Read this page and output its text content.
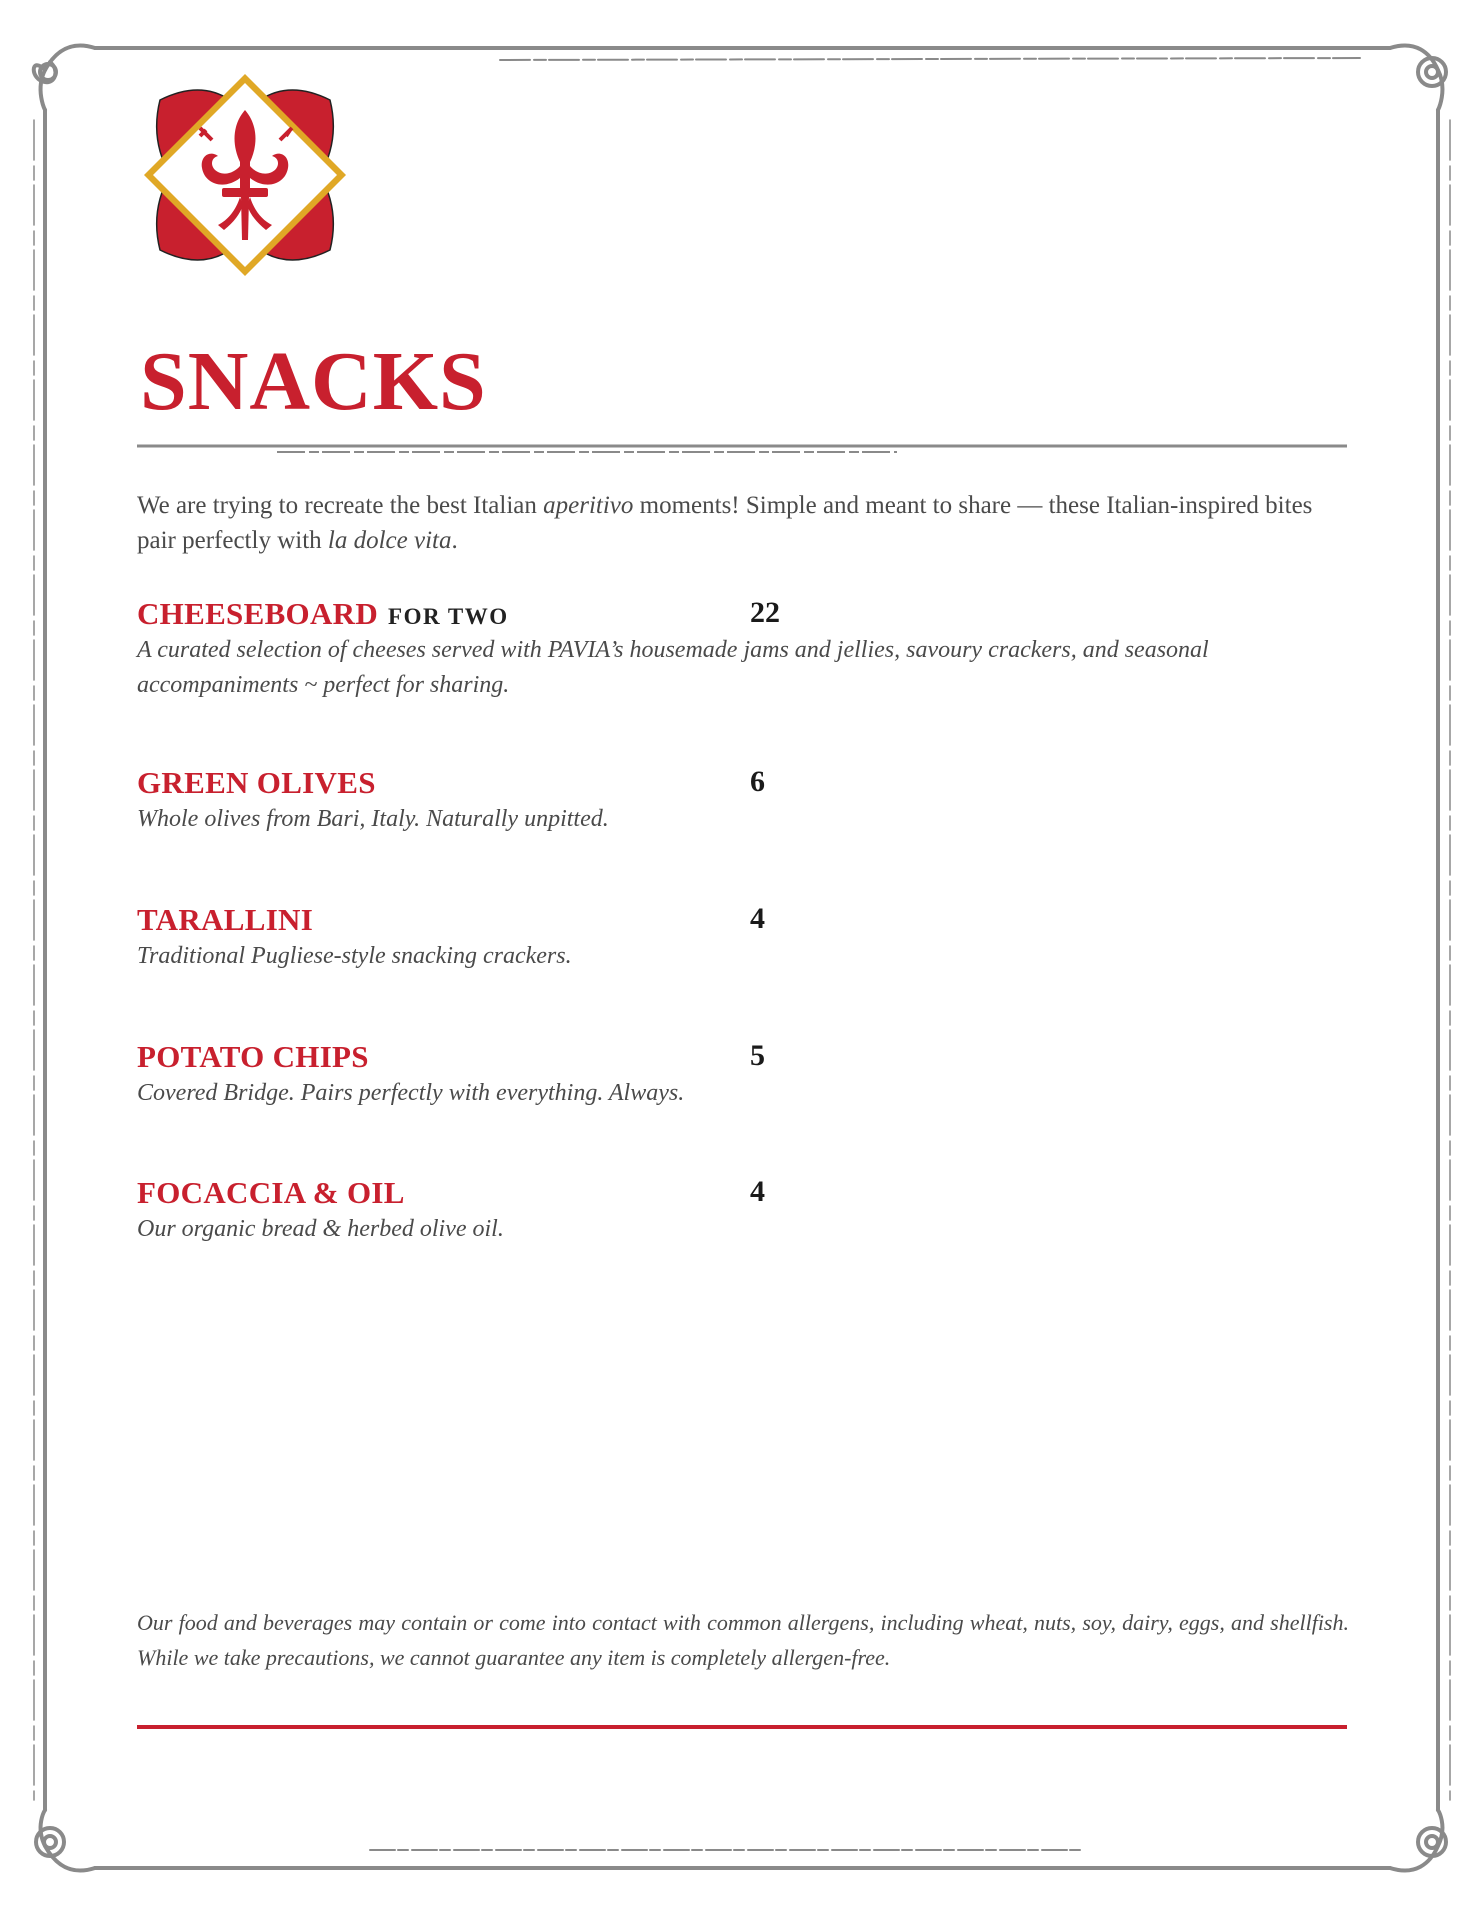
SNACKS

We are trying to recreate the best Italian aperitivo moments! Simple and meant to share — these Italian-inspired bites pair perfectly with la dolce vita.

CHEESEBOARD FOR TWO	22

A curated selection of cheeses served with PAVIA’s housemade jams and jellies, savoury crackers, and seasonal accompaniments ~ perfect for sharing.

GREEN OLIVES	6

Whole olives from Bari, Italy. Naturally unpitted.

TARALLINI	4

Traditional Pugliese-style snacking crackers.

POTATO CHIPS	5

Covered Bridge. Pairs perfectly with everything. Always.

FOCACCIA & OIL	4

Our organic bread & herbed olive oil.

Our food and beverages may contain or come into contact with common allergens, including wheat, nuts, soy, dairy, eggs, and shellfish. While we take precautions, we cannot guarantee any item is completely allergen-free.
